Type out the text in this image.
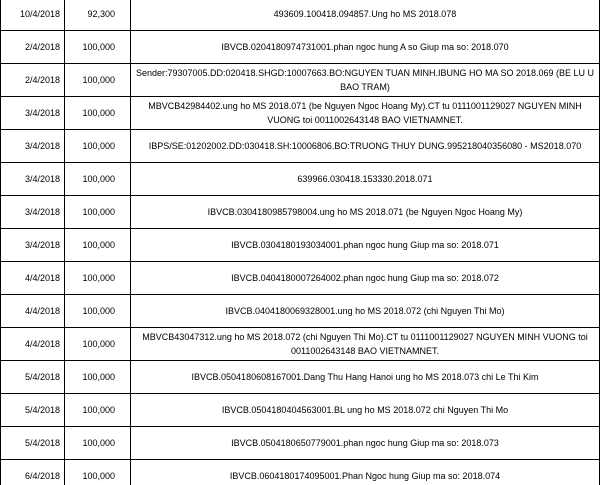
10/4/2018	92,300	493609.100418.094857.Ung ho MS 2018.078
2/4/2018	100,000	IBVCB.0204180974731001.phan ngoc hung A so Giup ma so: 2018.070
2/4/2018	100,000	Sender:79307005.DD:020418.SHGD:10007663.BO:NGUYEN TUAN MINH.IBUNG HO MA SO 2018.069 (BE LU U BAO TRAM)
3/4/2018	100,000	MBVCB42984402.ung ho MS 2018.071 (be Nguyen Ngoc Hoang My).CT tu 0111001129027 NGUYEN MINH VUONG toi 0011002643148 BAO VIETNAMNET.
3/4/2018	100,000	IBPS/SE:01202002.DD:030418.SH:10006806.BO:TRUONG THUY DUNG.995218040356080 - MS2018.070
3/4/2018	100,000	639966.030418.153330.2018.071
3/4/2018	100,000	IBVCB.0304180985798004.ung ho MS 2018.071 (be Nguyen Ngoc Hoang My)
3/4/2018	100,000	IBVCB.0304180193034001.phan ngoc hung Giup ma so: 2018.071
4/4/2018	100,000	IBVCB.0404180007264002.phan ngoc hung Giup ma so: 2018.072
4/4/2018	100,000	IBVCB.0404180069328001.ung ho MS 2018.072 (chi Nguyen Thi Mo)
4/4/2018	100,000	MBVCB43047312.ung ho MS 2018.072 (chi Nguyen Thi Mo).CT tu 0111001129027 NGUYEN MINH VUONG toi 0011002643148 BAO VIETNAMNET.
5/4/2018	100,000	IBVCB.0504180608167001.Dang Thu Hang Hanoi ung ho MS 2018.073 chi Le Thi Kim
5/4/2018	100,000	IBVCB.0504180404563001.BL ung ho MS 2018.072 chi Nguyen Thi Mo
5/4/2018	100,000	IBVCB.0504180650779001.phan ngoc hung Giup ma so: 2018.073
6/4/2018	100,000	IBVCB.0604180174095001.Phan Ngoc hung Giup ma so: 2018.074
